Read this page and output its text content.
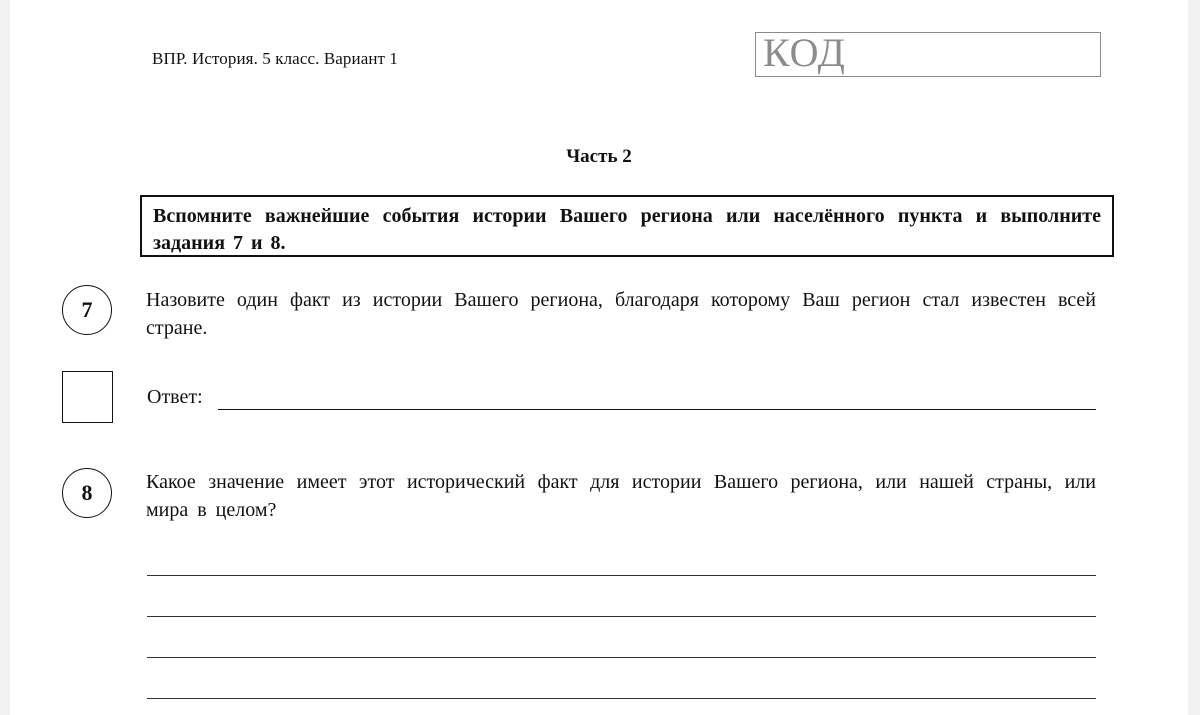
ВПР. История. 5 класс. Вариант 1	КОД
Часть 2
Вспомните важнейшие события истории Вашего региона или населённого пункта и выполните задания 7 и 8.
7	Назовите один факт из истории Вашего региона, благодаря которому Ваш регион стал известен всей стране.
Ответ:
8	Какое значение имеет этот исторический факт для истории Вашего региона, или нашей страны, или мира в целом?
